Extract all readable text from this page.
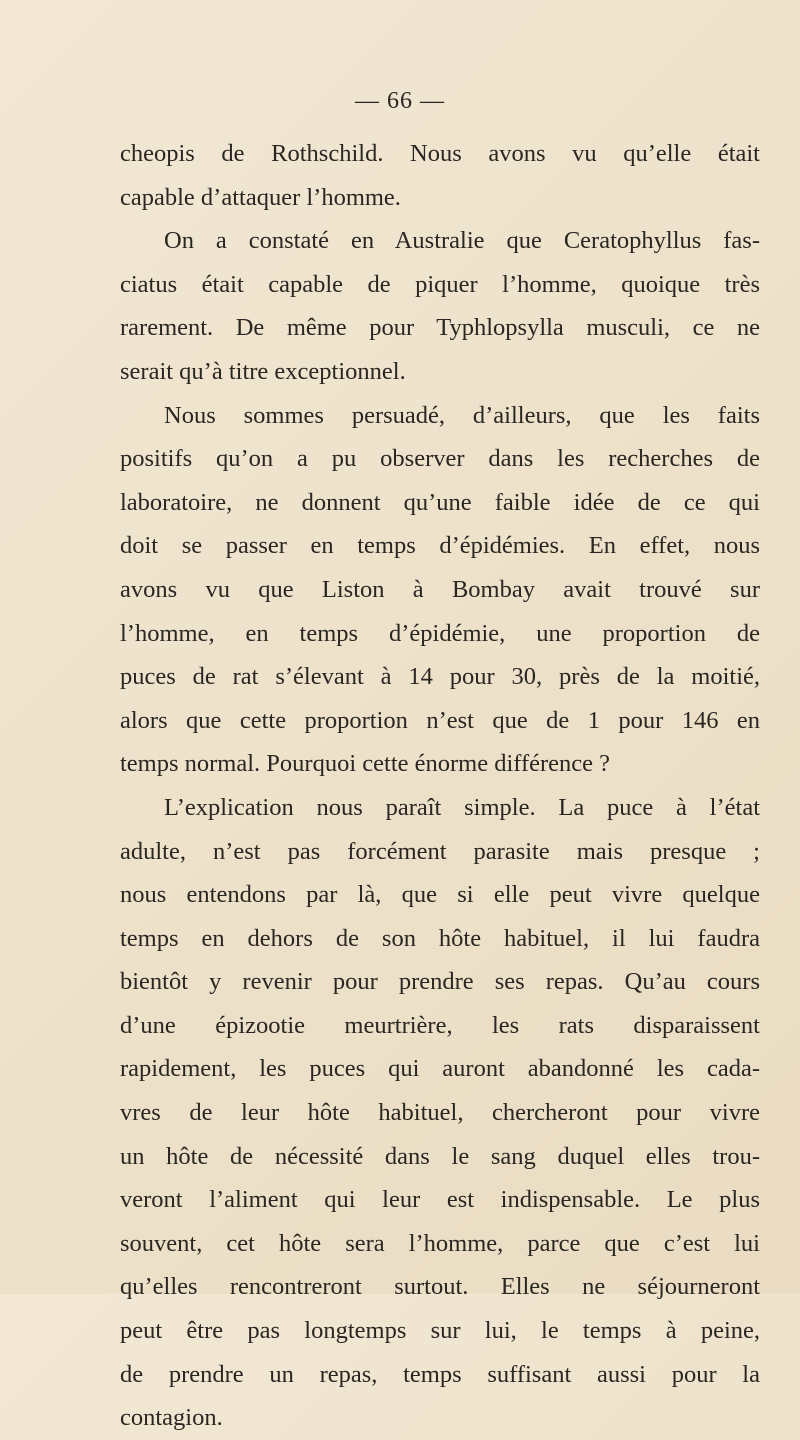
— 66 —
cheopis de Rothschild. Nous avons vu qu’elle était
capable d’attaquer l’homme.
On a constaté en Australie que Ceratophyllus fas-
ciatus était capable de piquer l’homme, quoique très
rarement. De même pour Typhlopsylla musculi, ce ne
serait qu’à titre exceptionnel.
Nous sommes persuadé, d’ailleurs, que les faits
positifs qu’on a pu observer dans les recherches de
laboratoire, ne donnent qu’une faible idée de ce qui
doit se passer en temps d’épidémies. En effet, nous
avons vu que Liston à Bombay avait trouvé sur
l’homme, en temps d’épidémie, une proportion de
puces de rat s’élevant à 14 pour 30, près de la moitié,
alors que cette proportion n’est que de 1 pour 146 en
temps normal. Pourquoi cette énorme différence ?
L’explication nous paraît simple. La puce à l’état
adulte, n’est pas forcément parasite mais presque ;
nous entendons par là, que si elle peut vivre quelque
temps en dehors de son hôte habituel, il lui faudra
bientôt y revenir pour prendre ses repas. Qu’au cours
d’une épizootie meurtrière, les rats disparaissent
rapidement, les puces qui auront abandonné les cada-
vres de leur hôte habituel, chercheront pour vivre
un hôte de nécessité dans le sang duquel elles trou-
veront l’aliment qui leur est indispensable. Le plus
souvent, cet hôte sera l’homme, parce que c’est lui
qu’elles rencontreront surtout. Elles ne séjourneront
peut être pas longtemps sur lui, le temps à peine,
de prendre un repas, temps suffisant aussi pour la
contagion.
